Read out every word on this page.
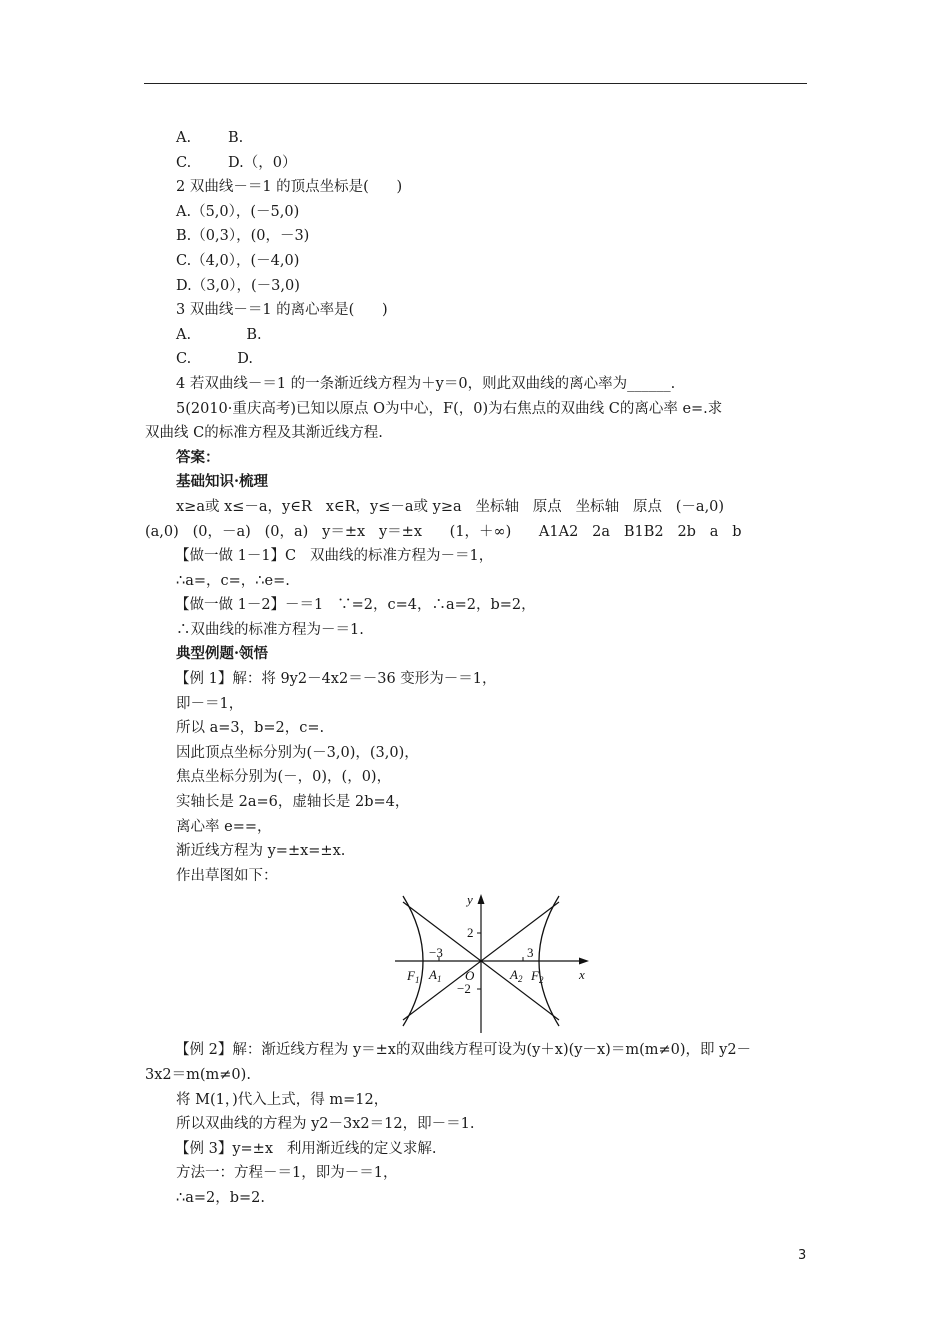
A.        B.
C.        D.（，0）
2 双曲线－＝1 的顶点坐标是(      )
A.（5,0），(－5,0)
B.（0,3），(0，－3)
C.（4,0），(－4,0)
D.（3,0），(－3,0)
3 双曲线－＝1 的离心率是(      )
A.            B.
C.          D.
4 若双曲线－＝1 的一条渐近线方程为＋y＝0，则此双曲线的离心率为______.
5(2010·重庆高考)已知以原点 O为中心，F(，0)为右焦点的双曲线 C的离心率 e=.求
双曲线 C的标准方程及其渐近线方程.
答案：
基础知识·梳理
x≥a或 x≤－a，y∈R   x∈R，y≤－a或 y≥a   坐标轴   原点   坐标轴   原点   (－a,0)
(a,0)   (0，－a)   (0，a)   y＝±x   y＝±x      (1，＋∞)      A1A2   2a   B1B2   2b   a   b
【做一做 1－1】C   双曲线的标准方程为－＝1，
∴a=，c=，∴e=.
【做一做 1－2】－＝1   ∵=2，c=4，∴a=2，b=2，
∴双曲线的标准方程为－＝1.
典型例题·领悟
【例 1】解：将 9y2－4x2＝－36 变形为－＝1，
即－＝1，
所以 a=3，b=2，c=.
因此顶点坐标分别为(－3,0)，(3,0)，
焦点坐标分别为(－，0)，(，0)，
实轴长是 2a=6，虚轴长是 2b=4，
离心率 e==，
渐近线方程为 y=±x=±x.
作出草图如下：
y
x
2
−2
−3	3
O
$F_1$ $A_1$	$A_2$ $F_2$
【例 2】解：渐近线方程为 y＝±x的双曲线方程可设为(y＋x)(y－x)＝m(m≠0)，即 y2－
3x2＝m(m≠0).
将 M(1，)代入上式，得 m=12，
所以双曲线的方程为 y2－3x2＝12，即－＝1.
【例 3】y=±x   利用渐近线的定义求解.
方法一：方程－＝1，即为－＝1，
∴a=2，b=2.
3
